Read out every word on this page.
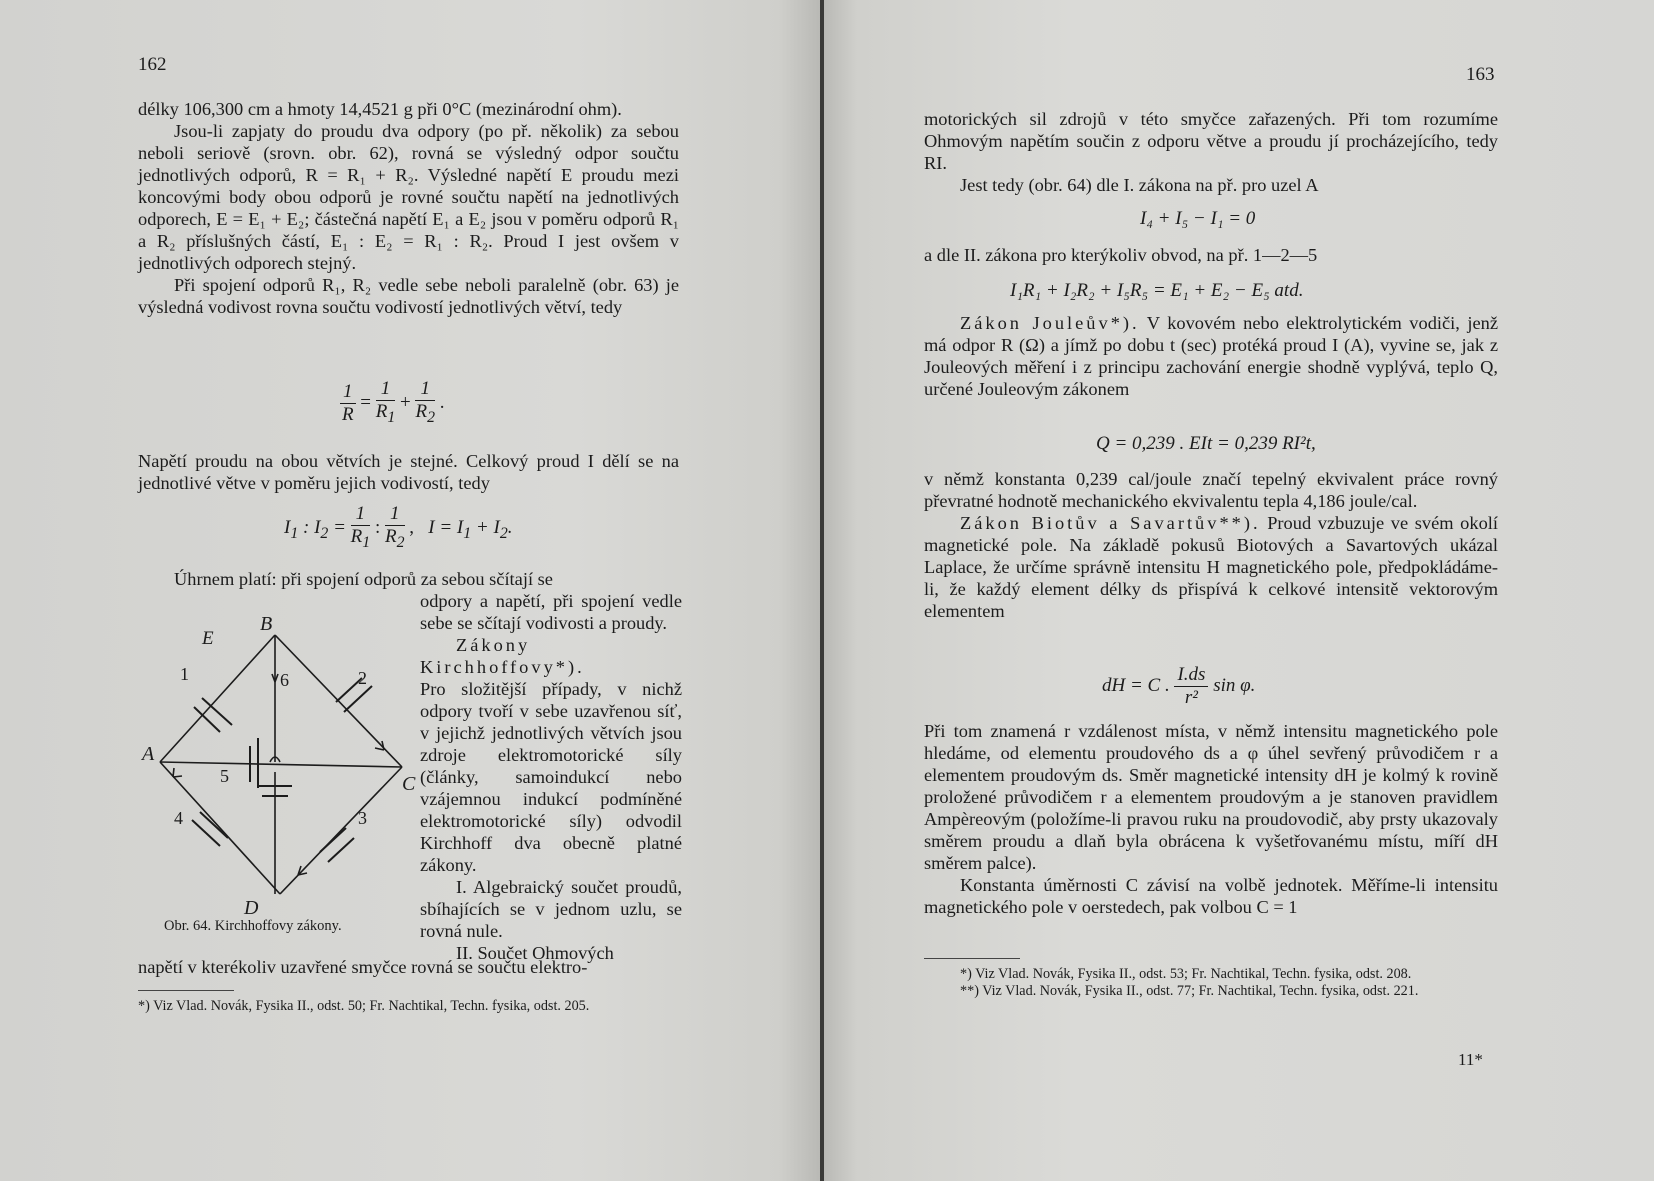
162

délky 106,300 cm a hmoty 14,4521 g při 0°C (mezinárodní ohm).

Jsou-li zapjaty do proudu dva odpory (po př. několik) za sebou neboli seriově (srovn. obr. 62), rovná se výsledný odpor součtu jednotlivých odporů, R = R₁ + R₂. Výsledné napětí E proudu mezi koncovými body obou odporů je rovné součtu napětí na jednotlivých odporech, E = E₁ + E₂; částečná napětí E₁ a E₂ jsou v poměru odporů R₁ a R₂ příslušných částí, E₁ : E₂ = R₁ : R₂. Proud I jest ovšem v jednotlivých odporech stejný.

Při spojení odporů R₁, R₂ vedle sebe neboli paralelně (obr. 63) je výsledná vodivost rovna součtu vodivostí jednotlivých větví, tedy

$\frac{1}{R} = \frac{1}{R_1} + \frac{1}{R_2}$ .

Napětí proudu na obou větvích je stejné. Celkový proud I dělí se na jednotlivé větve v poměru jejich vodivostí, tedy

$I_1$ : $I_2 = \frac{1}{R_1}$ : $\frac{1}{R_2}$ ,   $I = I_1 + I_2$.
Úhrnem platí: při spojení odporů za sebou sčítají se

odpory a napětí, při spojení vedle sebe se sčítají vodivosti a proudy.

Zákony Kirchhoffovy*).

Pro složitější případy, v nichž odpory tvoří v sebe uzavřenou síť, v jejichž jednotlivých větvích jsou zdroje elektromotorické síly (články, samoindukcí nebo vzájemnou indukcí podmíněné elektromotorické síly) odvodil Kirchhoff dva obecně platné zákony.

I. Algebraický součet proudů, sbíhajících se v jednom uzlu, se rovná nule.

II. Součet Ohmových

napětí v kterékoliv uzavřené smyčce rovná se součtu elektro-
B
E
A
C
D
1	2
3
4
5
6
Obr. 64. Kirchhoffovy zákony.

*) Viz Vlad. Novák, Fysika II., odst. 50; Fr. Nachtikal, Techn. fysika, odst. 205.

163

motorických sil zdrojů v této smyčce zařazených. Při tom rozumíme Ohmovým napětím součin z odporu větve a proudu jí procházejícího, tedy RI.

Jest tedy (obr. 64) dle I. zákona na př. pro uzel A

I₄ + I₅ − I₁ = 0
a dle II. zákona pro kterýkoliv obvod, na př. 1—2—5
I₁R₁ + I₂R₂ + I₅R₅ = E₁ + E₂ − E₅ atd.

Zákon Jouleův*). V kovovém nebo elektrolytickém vodiči, jenž má odpor R (Ω) a jímž po dobu t (sec) protéká proud I (A), vyvine se, jak z Jouleových měření i z principu zachování energie shodně vyplývá, teplo Q, určené Jouleovým zákonem

Q = 0,239 . EIt = 0,239 RI²t,

v němž konstanta 0,239 cal/joule značí tepelný ekvivalent práce rovný převratné hodnotě mechanického ekvivalentu tepla 4,186 joule/cal.

Zákon Biotův a Savartův**). Proud vzbuzuje ve svém okolí magnetické pole. Na základě pokusů Biotových a Savartových ukázal Laplace, že určíme správně intensitu H magnetického pole, předpokládáme-li, že každý element délky ds přispívá k celkové intensitě vektorovým elementem

dH = C . $\frac{I.ds}{\text{r²}}$ sin φ.

Při tom znamená r vzdálenost místa, v němž intensitu magnetického pole hledáme, od elementu proudového ds a φ úhel sevřený průvodičem r a elementem proudovým ds. Směr magnetické intensity dH je kolmý k rovině proložené průvodičem r a elementem proudovým a je stanoven pravidlem Ampèreovým (položíme-li pravou ruku na proudovodič, aby prsty ukazovaly směrem proudu a dlaň byla obrácena k vyšetřovanému místu, míří dH směrem palce).

Konstanta úměrnosti C závisí na volbě jednotek. Měříme-li intensitu magnetického pole v oerstedech, pak volbou C = 1

*) Viz Vlad. Novák, Fysika II., odst. 53; Fr. Nachtikal, Techn. fysika, odst. 208.

**) Viz Vlad. Novák, Fysika II., odst. 77; Fr. Nachtikal, Techn. fysika, odst. 221.

11*
